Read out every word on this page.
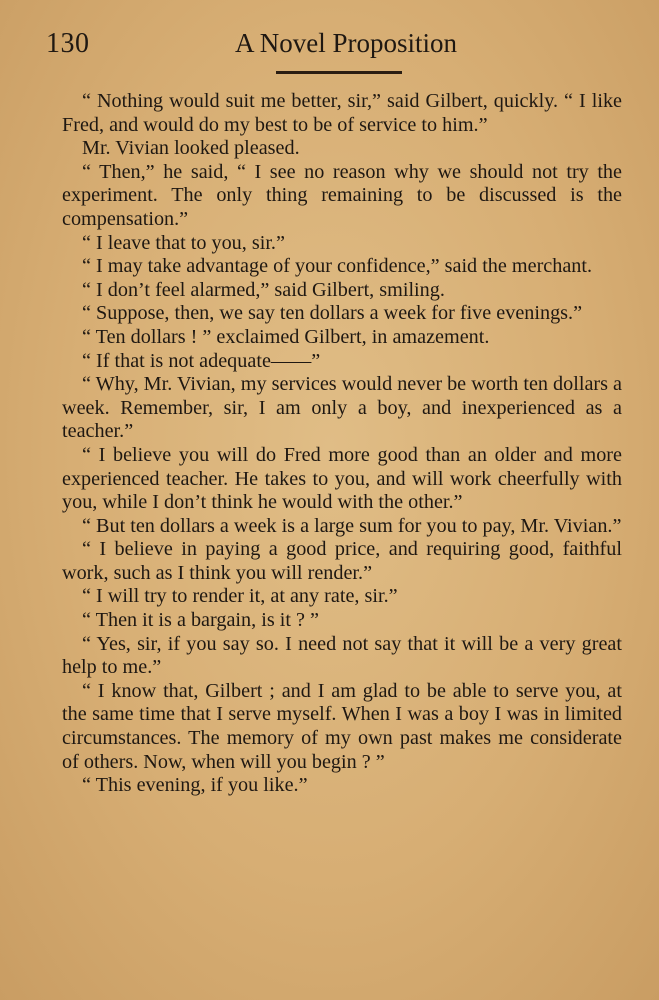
130	A Novel Proposition

“ Nothing would suit me better, sir,” said Gilbert, quickly. “ I like Fred, and would do my best to be of service to him.”

Mr. Vivian looked pleased.

“ Then,” he said, “ I see no reason why we should not try the experiment. The only thing remaining to be discussed is the compensation.”

“ I leave that to you, sir.”

“ I may take advantage of your confidence,” said the merchant.

“ I don’t feel alarmed,” said Gilbert, smiling.

“ Suppose, then, we say ten dollars a week for five evenings.”

“ Ten dollars ! ” exclaimed Gilbert, in amazement.

“ If that is not adequate——”

“ Why, Mr. Vivian, my services would never be worth ten dollars a week. Remember, sir, I am only a boy, and inexperienced as a teacher.”

“ I believe you will do Fred more good than an older and more experienced teacher. He takes to you, and will work cheerfully with you, while I don’t think he would with the other.”

“ But ten dollars a week is a large sum for you to pay, Mr. Vivian.”

“ I believe in paying a good price, and requiring good, faithful work, such as I think you will render.”

“ I will try to render it, at any rate, sir.”

“ Then it is a bargain, is it ? ”

“ Yes, sir, if you say so. I need not say that it will be a very great help to me.”

“ I know that, Gilbert ; and I am glad to be able to serve you, at the same time that I serve myself. When I was a boy I was in limited circumstances. The memory of my own past makes me considerate of others. Now, when will you begin ? ”

“ This evening, if you like.”
